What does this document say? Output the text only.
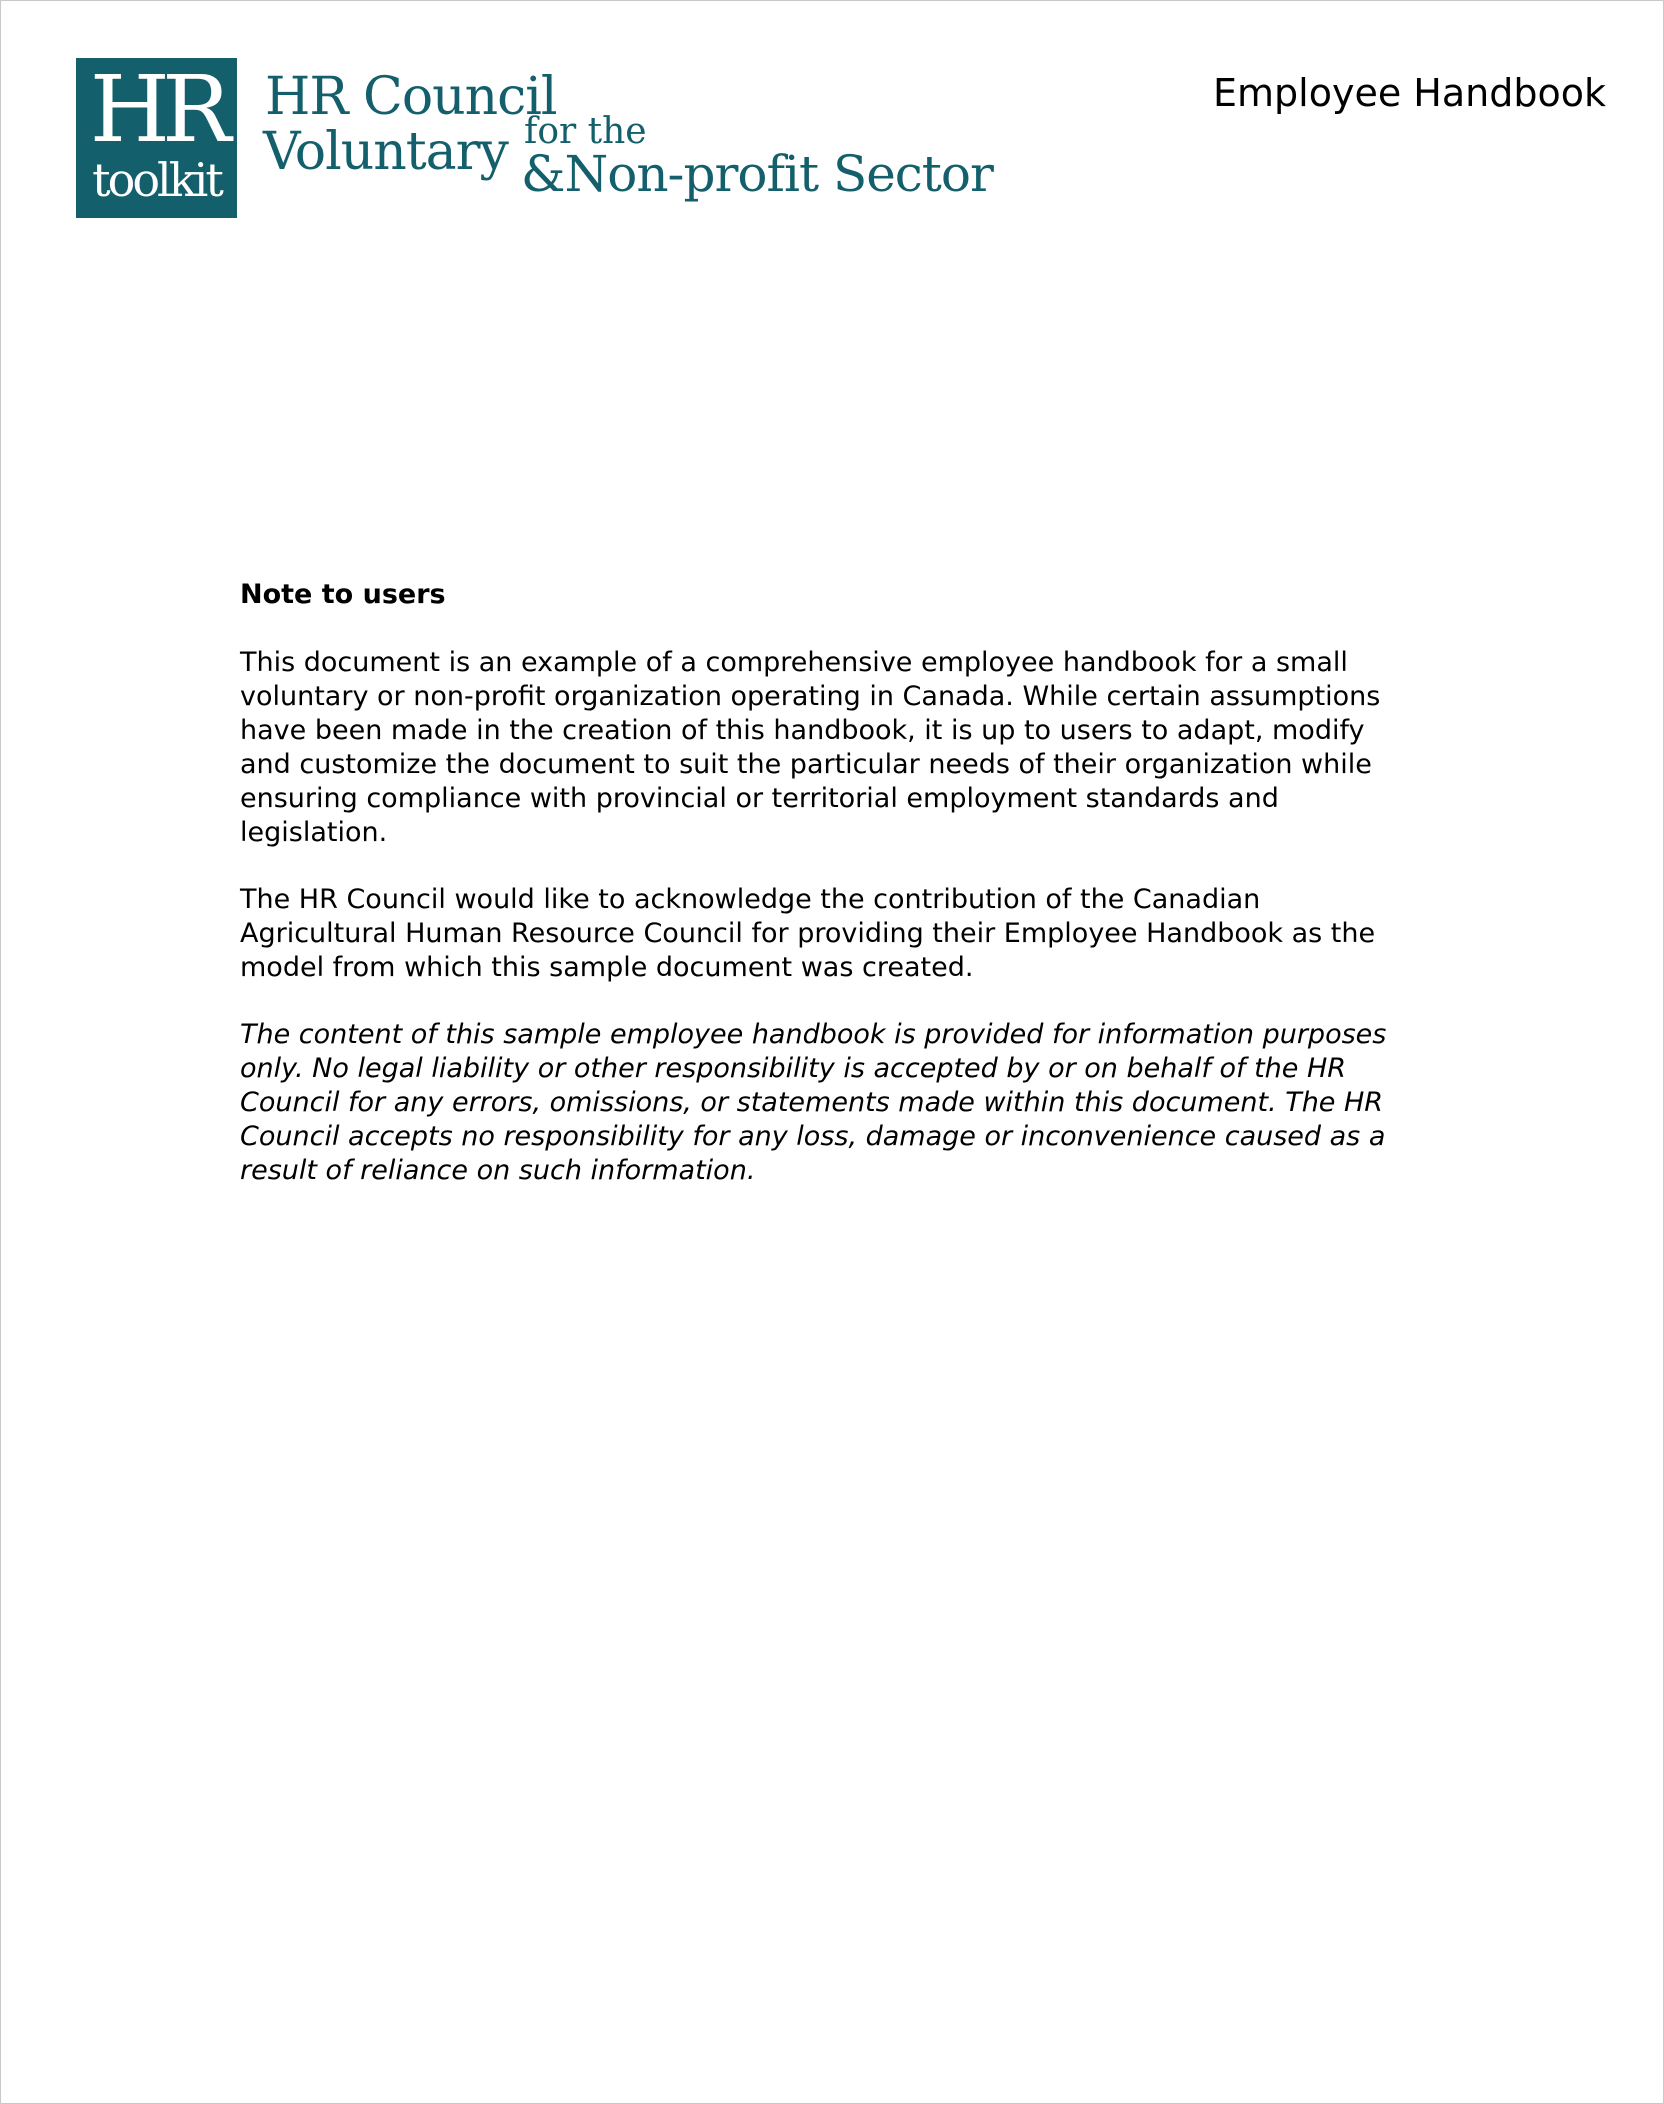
HR
toolkit
HR Council
for the
Voluntary &Non-profit Sector
Employee Handbook
Note to users
This document is an example of a comprehensive employee handbook for a small
voluntary or non-profit organization operating in Canada. While certain assumptions
have been made in the creation of this handbook, it is up to users to adapt, modify
and customize the document to suit the particular needs of their organization while
ensuring compliance with provincial or territorial employment standards and
legislation.
The HR Council would like to acknowledge the contribution of the Canadian
Agricultural Human Resource Council for providing their Employee Handbook as the
model from which this sample document was created.
The content of this sample employee handbook is provided for information purposes
only. No legal liability or other responsibility is accepted by or on behalf of the HR
Council for any errors, omissions, or statements made within this document. The HR
Council accepts no responsibility for any loss, damage or inconvenience caused as a
result of reliance on such information.
